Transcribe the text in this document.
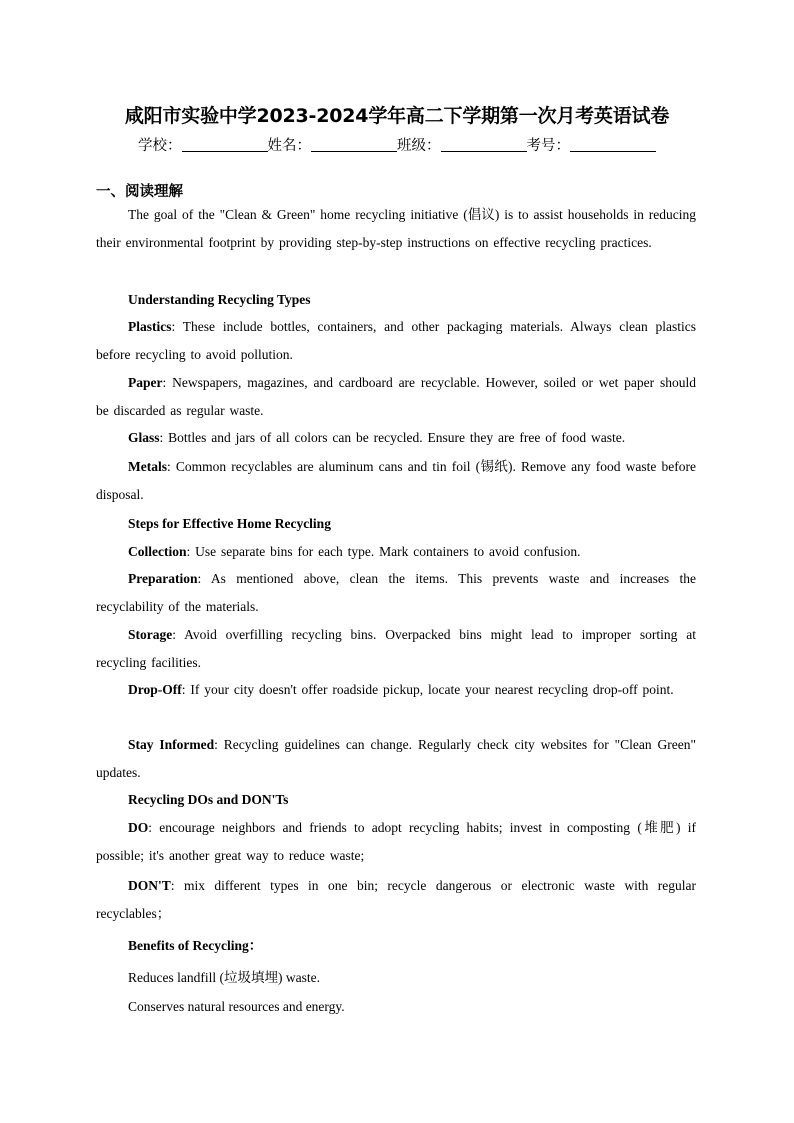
咸阳市实验中学2023-2024学年高二下学期第一次月考英语试卷
学校：	姓名：	班级：	考号：
一、阅读理解
The goal of the "Clean & Green" home recycling initiative (倡议) is to assist households in reducing their environmental footprint by providing step-by-step instructions on effective recycling practices.
Understanding Recycling Types
Plastics: These include bottles, containers, and other packaging materials. Always clean plastics before recycling to avoid pollution.
Paper: Newspapers, magazines, and cardboard are recyclable. However, soiled or wet paper should be discarded as regular waste.
Glass: Bottles and jars of all colors can be recycled. Ensure they are free of food waste.
Metals: Common recyclables are aluminum cans and tin foil (锡纸). Remove any food waste before disposal.
Steps for Effective Home Recycling
Collection: Use separate bins for each type. Mark containers to avoid confusion.
Preparation: As mentioned above, clean the items. This prevents waste and increases the recyclability of the materials.
Storage: Avoid overfilling recycling bins. Overpacked bins might lead to improper sorting at recycling facilities.
Drop-Off: If your city doesn't offer roadside pickup, locate your nearest recycling drop-off point.
Stay Informed: Recycling guidelines can change. Regularly check city websites for "Clean Green" updates.
Recycling DOs and DON'Ts
DO: encourage neighbors and friends to adopt recycling habits; invest in composting (堆肥) if possible; it's another great way to reduce waste;
DON'T: mix different types in one bin; recycle dangerous or electronic waste with regular recyclables；
Benefits of Recycling：
Reduces landfill (垃圾填埋) waste.
Conserves natural resources and energy.
